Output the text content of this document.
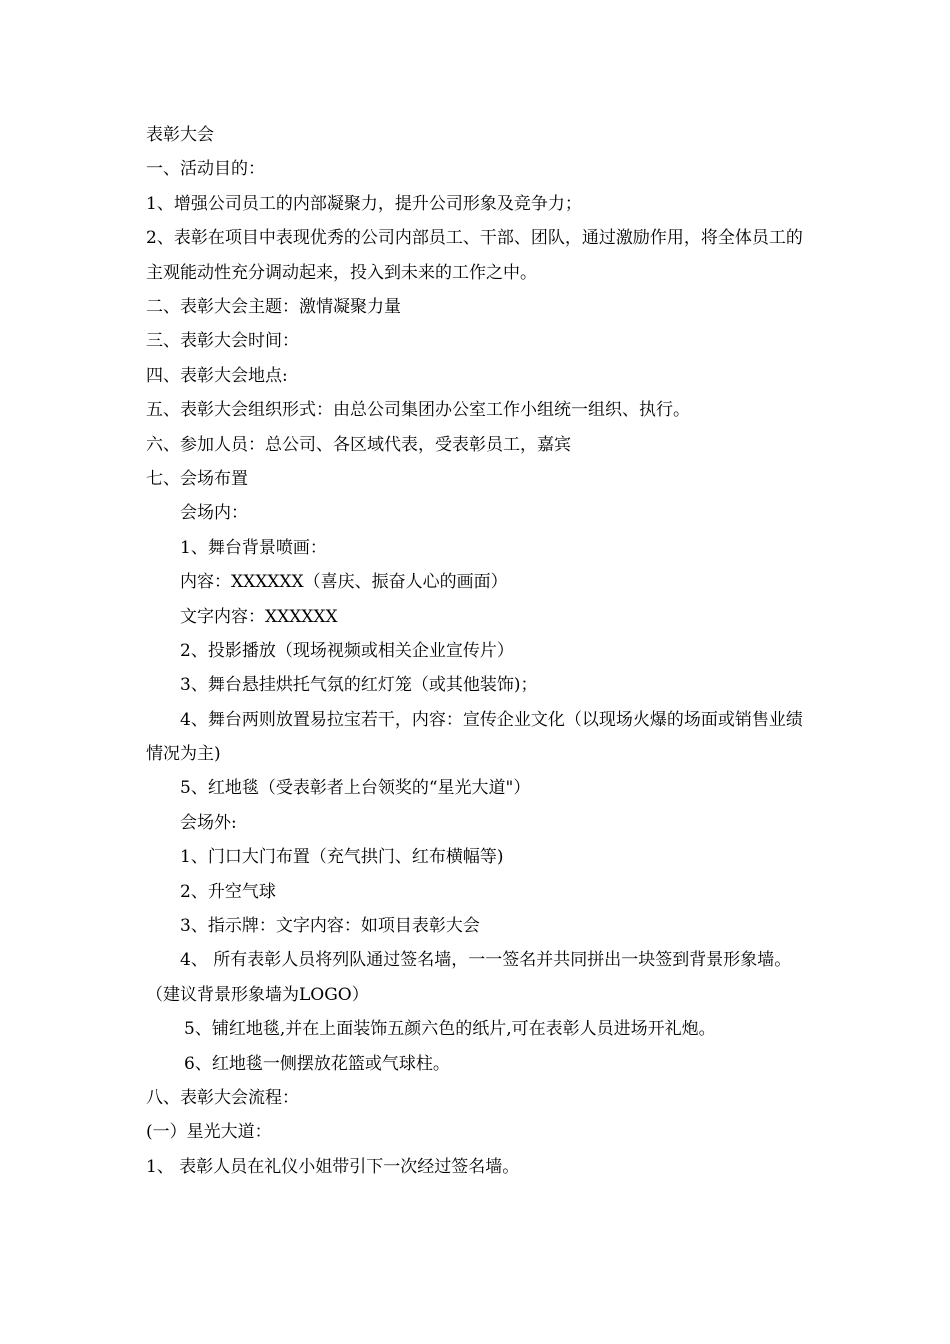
表彰大会
一、活动目的：
1、增强公司员工的内部凝聚力，提升公司形象及竞争力；
2、表彰在项目中表现优秀的公司内部员工、干部、团队，通过激励作用，将全体员工的主观能动性充分调动起来，投入到未来的工作之中。
二、表彰大会主题：激情凝聚力量
三、表彰大会时间：
四、表彰大会地点:
五、表彰大会组织形式：由总公司集团办公室工作小组统一组织、执行。
六、参加人员：总公司、各区域代表，受表彰员工，嘉宾
七、会场布置
会场内：
1、舞台背景喷画：
内容：XXXXXX（喜庆、振奋人心的画面）
文字内容：XXXXXX
2、投影播放（现场视频或相关企业宣传片）
3、舞台悬挂烘托气氛的红灯笼（或其他装饰)；
4、舞台两则放置易拉宝若干，内容：宣传企业文化（以现场火爆的场面或销售业绩情况为主)
5、红地毯（受表彰者上台领奖的“星光大道"）
会场外:
1、门口大门布置（充气拱门、红布横幅等)
2、升空气球
3、指示牌：文字内容：如项目表彰大会
4、 所有表彰人员将列队通过签名墙，一一签名并共同拼出一块签到背景形象墙。（建议背景形象墙为LOGO）
5、铺红地毯,并在上面装饰五颜六色的纸片,可在表彰人员进场开礼炮。
6、红地毯一侧摆放花篮或气球柱。
八、表彰大会流程：
(一）星光大道：
1、 表彰人员在礼仪小姐带引下一次经过签名墙。
